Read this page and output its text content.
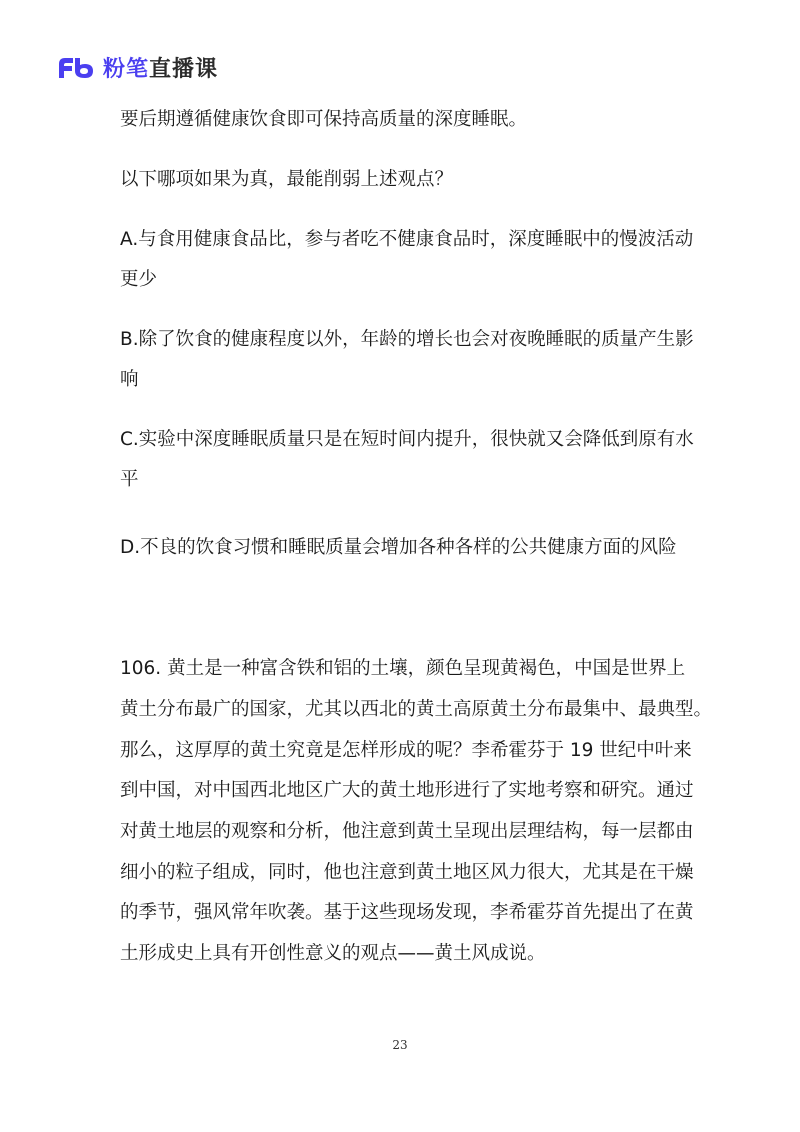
粉笔直播课
要后期遵循健康饮食即可保持高质量的深度睡眠。
以下哪项如果为真，最能削弱上述观点？
A.与食用健康食品比，参与者吃不健康食品时，深度睡眠中的慢波活动
更少
B.除了饮食的健康程度以外，年龄的增长也会对夜晚睡眠的质量产生影
响
C.实验中深度睡眠质量只是在短时间内提升，很快就又会降低到原有水
平
D.不良的饮食习惯和睡眠质量会增加各种各样的公共健康方面的风险
106. 黄土是一种富含铁和铝的土壤，颜色呈现黄褐色，中国是世界上
黄土分布最广的国家，尤其以西北的黄土高原黄土分布最集中、最典型。
那么，这厚厚的黄土究竟是怎样形成的呢？李希霍芬于 19 世纪中叶来
到中国，对中国西北地区广大的黄土地形进行了实地考察和研究。通过
对黄土地层的观察和分析，他注意到黄土呈现出层理结构，每一层都由
细小的粒子组成，同时，他也注意到黄土地区风力很大，尤其是在干燥
的季节，强风常年吹袭。基于这些现场发现，李希霍芬首先提出了在黄
土形成史上具有开创性意义的观点——黄土风成说。
23
